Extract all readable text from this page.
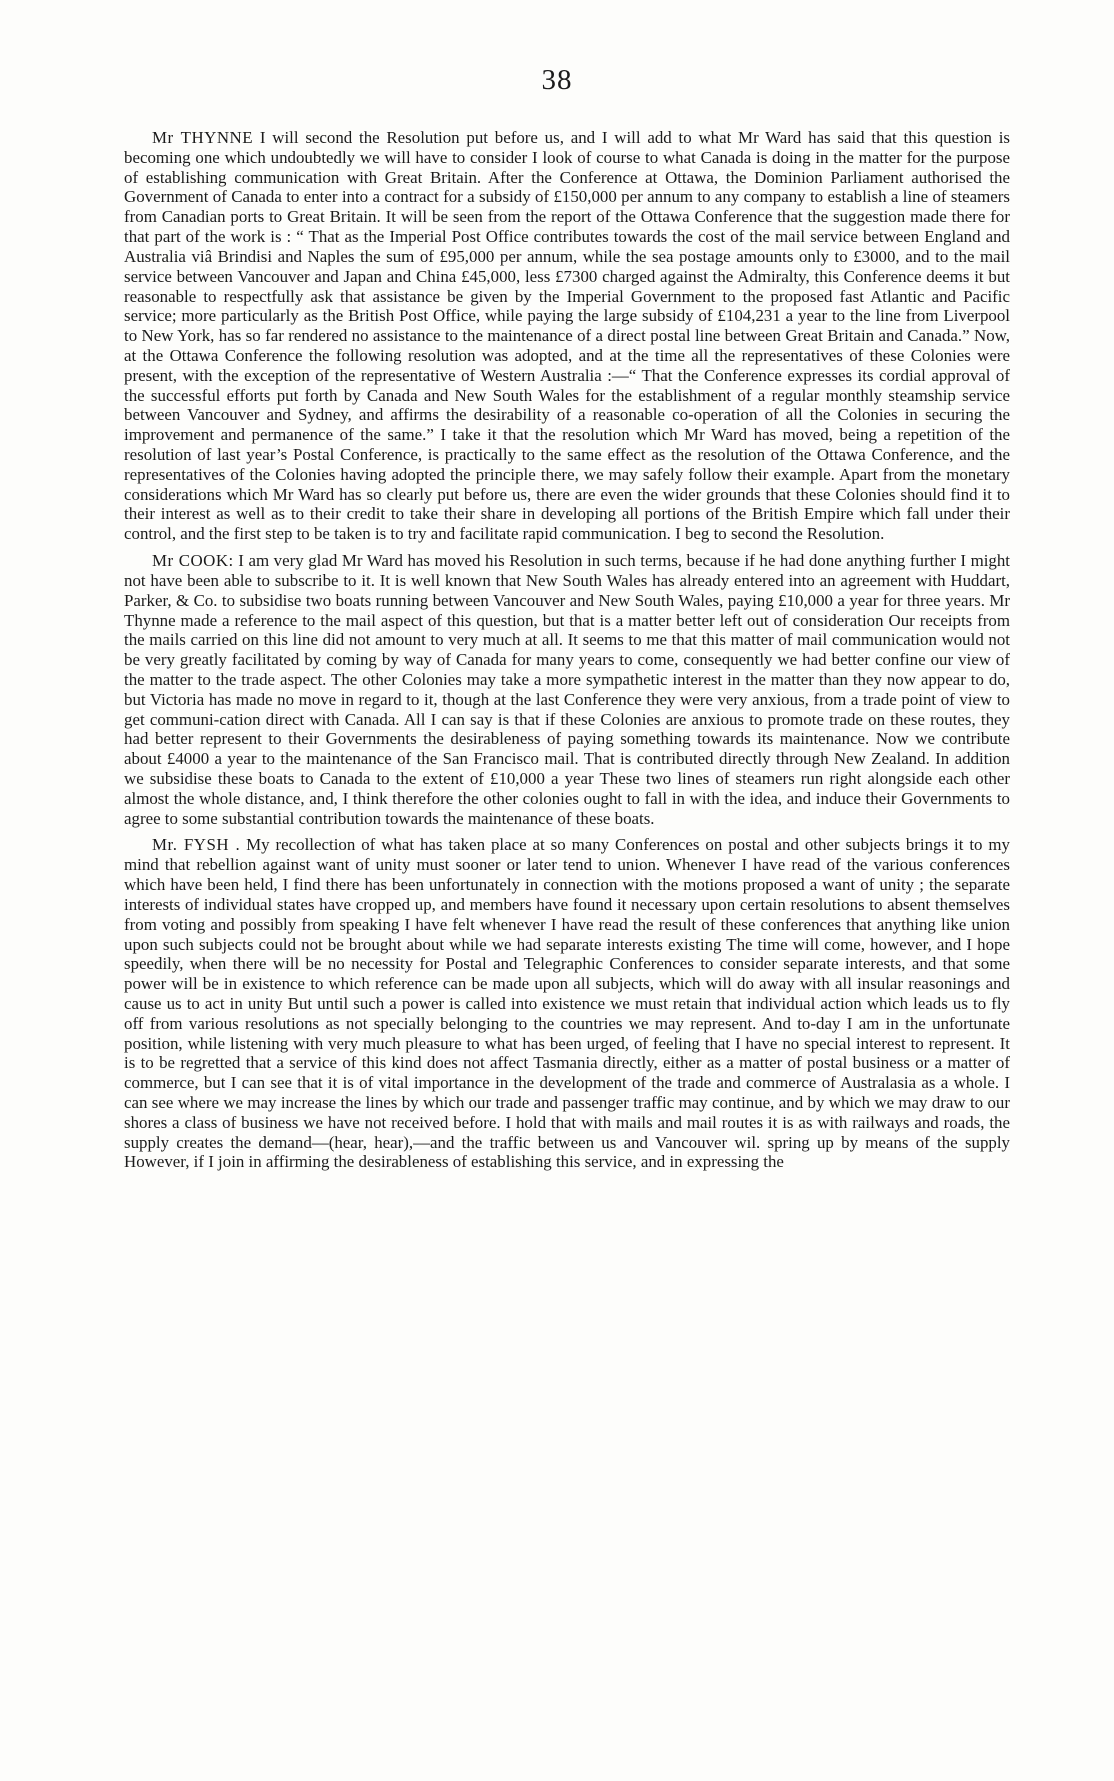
38

Mr THYNNE I will second the Resolution put before us, and I will add to what Mr Ward has said that this question is becoming one which undoubtedly we will have to consider I look of course to what Canada is doing in the matter for the purpose of establishing communication with Great Britain. After the Conference at Ottawa, the Dominion Parliament authorised the Government of Canada to enter into a contract for a subsidy of £150,000 per annum to any company to establish a line of steamers from Canadian ports to Great Britain. It will be seen from the report of the Ottawa Conference that the suggestion made there for that part of the work is : “ That as the Imperial Post Office contributes towards the cost of the mail service between England and Australia viâ Brindisi and Naples the sum of £95,000 per annum, while the sea postage amounts only to £3000, and to the mail service between Vancouver and Japan and China £45,000, less £7300 charged against the Admiralty, this Conference deems it but reasonable to respectfully ask that assistance be given by the Imperial Government to the proposed fast Atlantic and Pacific service; more particularly as the British Post Office, while paying the large subsidy of £104,231 a year to the line from Liverpool to New York, has so far rendered no assistance to the maintenance of a direct postal line between Great Britain and Canada.” Now, at the Ottawa Conference the following resolution was adopted, and at the time all the representatives of these Colonies were present, with the exception of the representative of Western Australia :—“ That the Conference expresses its cordial approval of the successful efforts put forth by Canada and New South Wales for the establishment of a regular monthly steamship service between Vancouver and Sydney, and affirms the desirability of a reasonable co-operation of all the Colonies in securing the improvement and permanence of the same.” I take it that the resolution which Mr Ward has moved, being a repetition of the resolution of last year’s Postal Conference, is practically to the same effect as the resolution of the Ottawa Conference, and the representatives of the Colonies having adopted the principle there, we may safely follow their example. Apart from the monetary considerations which Mr Ward has so clearly put before us, there are even the wider grounds that these Colonies should find it to their interest as well as to their credit to take their share in developing all portions of the British Empire which fall under their control, and the first step to be taken is to try and facilitate rapid communication. I beg to second the Resolution.

Mr COOK: I am very glad Mr Ward has moved his Resolution in such terms, because if he had done anything further I might not have been able to subscribe to it. It is well known that New South Wales has already entered into an agreement with Huddart, Parker, & Co. to subsidise two boats running between Vancouver and New South Wales, paying £10,000 a year for three years. Mr Thynne made a reference to the mail aspect of this question, but that is a matter better left out of consideration Our receipts from the mails carried on this line did not amount to very much at all. It seems to me that this matter of mail communication would not be very greatly facilitated by coming by way of Canada for many years to come, consequently we had better confine our view of the matter to the trade aspect. The other Colonies may take a more sympathetic interest in the matter than they now appear to do, but Victoria has made no move in regard to it, though at the last Conference they were very anxious, from a trade point of view to get communi-cation direct with Canada. All I can say is that if these Colonies are anxious to promote trade on these routes, they had better represent to their Governments the desirableness of paying something towards its maintenance. Now we contribute about £4000 a year to the maintenance of the San Francisco mail. That is contributed directly through New Zealand. In addition we subsidise these boats to Canada to the extent of £10,000 a year These two lines of steamers run right alongside each other almost the whole distance, and, I think therefore the other colonies ought to fall in with the idea, and induce their Governments to agree to some substantial contribution towards the maintenance of these boats.

Mr. FYSH . My recollection of what has taken place at so many Conferences on postal and other subjects brings it to my mind that rebellion against want of unity must sooner or later tend to union. Whenever I have read of the various conferences which have been held, I find there has been unfortunately in connection with the motions proposed a want of unity ; the separate interests of individual states have cropped up, and members have found it necessary upon certain resolutions to absent themselves from voting and possibly from speaking I have felt whenever I have read the result of these conferences that anything like union upon such subjects could not be brought about while we had separate interests existing The time will come, however, and I hope speedily, when there will be no necessity for Postal and Telegraphic Conferences to consider separate interests, and that some power will be in existence to which reference can be made upon all subjects, which will do away with all insular reasonings and cause us to act in unity But until such a power is called into existence we must retain that individual action which leads us to fly off from various resolutions as not specially belonging to the countries we may represent. And to-day I am in the unfortunate position, while listening with very much pleasure to what has been urged, of feeling that I have no special interest to represent. It is to be regretted that a service of this kind does not affect Tasmania directly, either as a matter of postal business or a matter of commerce, but I can see that it is of vital importance in the development of the trade and commerce of Australasia as a whole. I can see where we may increase the lines by which our trade and passenger traffic may continue, and by which we may draw to our shores a class of business we have not received before. I hold that with mails and mail routes it is as with railways and roads, the supply creates the demand—(hear, hear),—and the traffic between us and Vancouver wil. spring up by means of the supply However, if I join in affirming the desirableness of establishing this service, and in expressing the
